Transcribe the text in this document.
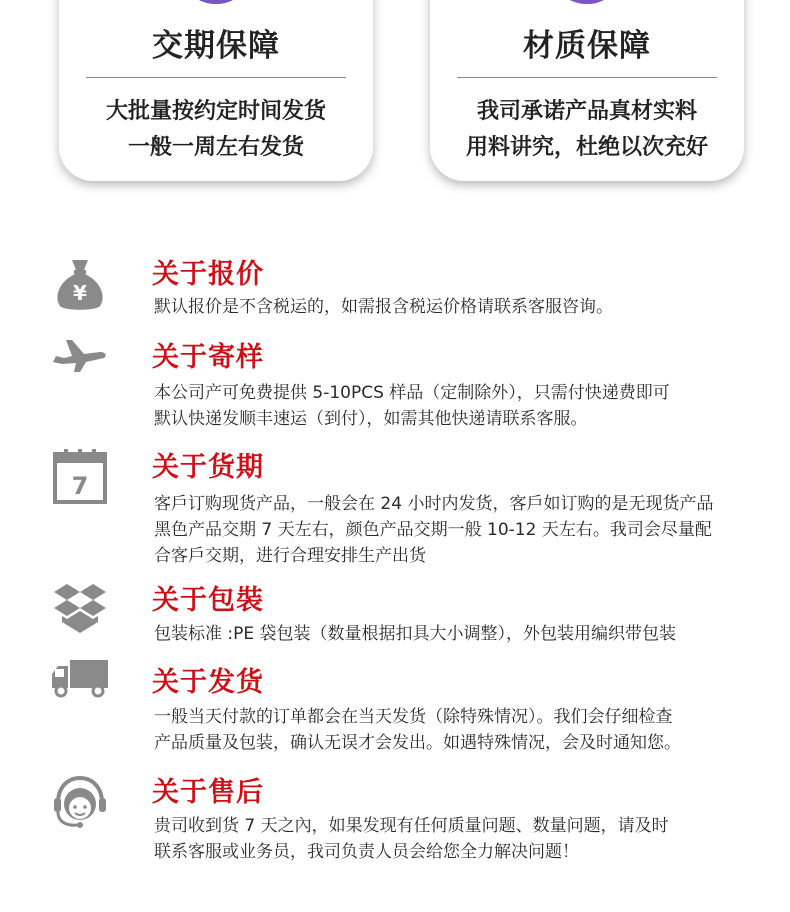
交期保障
大批量按约定时间发货
一般一周左右发货
材质保障
我司承诺产品真材实料
用料讲究，杜绝以次充好
¥
关于报价
默认报价是不含税运的，如需报含税运价格请联系客服咨询。
关于寄样
本公司产可免费提供 5-10PCS 样品（定制除外），只需付快递费即可
默认快递发顺丰速运（到付），如需其他快递请联系客服。
7
关于货期
客戶订购现货产品，一般会在 24 小时内发货，客戶如订购的是无现货产品
黑色产品交期 7 天左右，颜色产品交期一般 10-12 天左右。我司会尽量配
合客戶交期，进行合理安排生产出货
关于包裝
包装标准 :PE 袋包装（数量根据扣具大小调整），外包装用编织带包装
关于发货
一般当天付款的订单都会在当天发货（除特殊情况）。我们会仔细检查
产品质量及包装，确认无误才会发出。如遇特殊情况，会及时通知您。
关于售后
贵司收到货 7 天之內，如果发现有任何质量问题、数量问题，请及时
联系客服或业务员，我司负责人员会给您全力解决问题！
